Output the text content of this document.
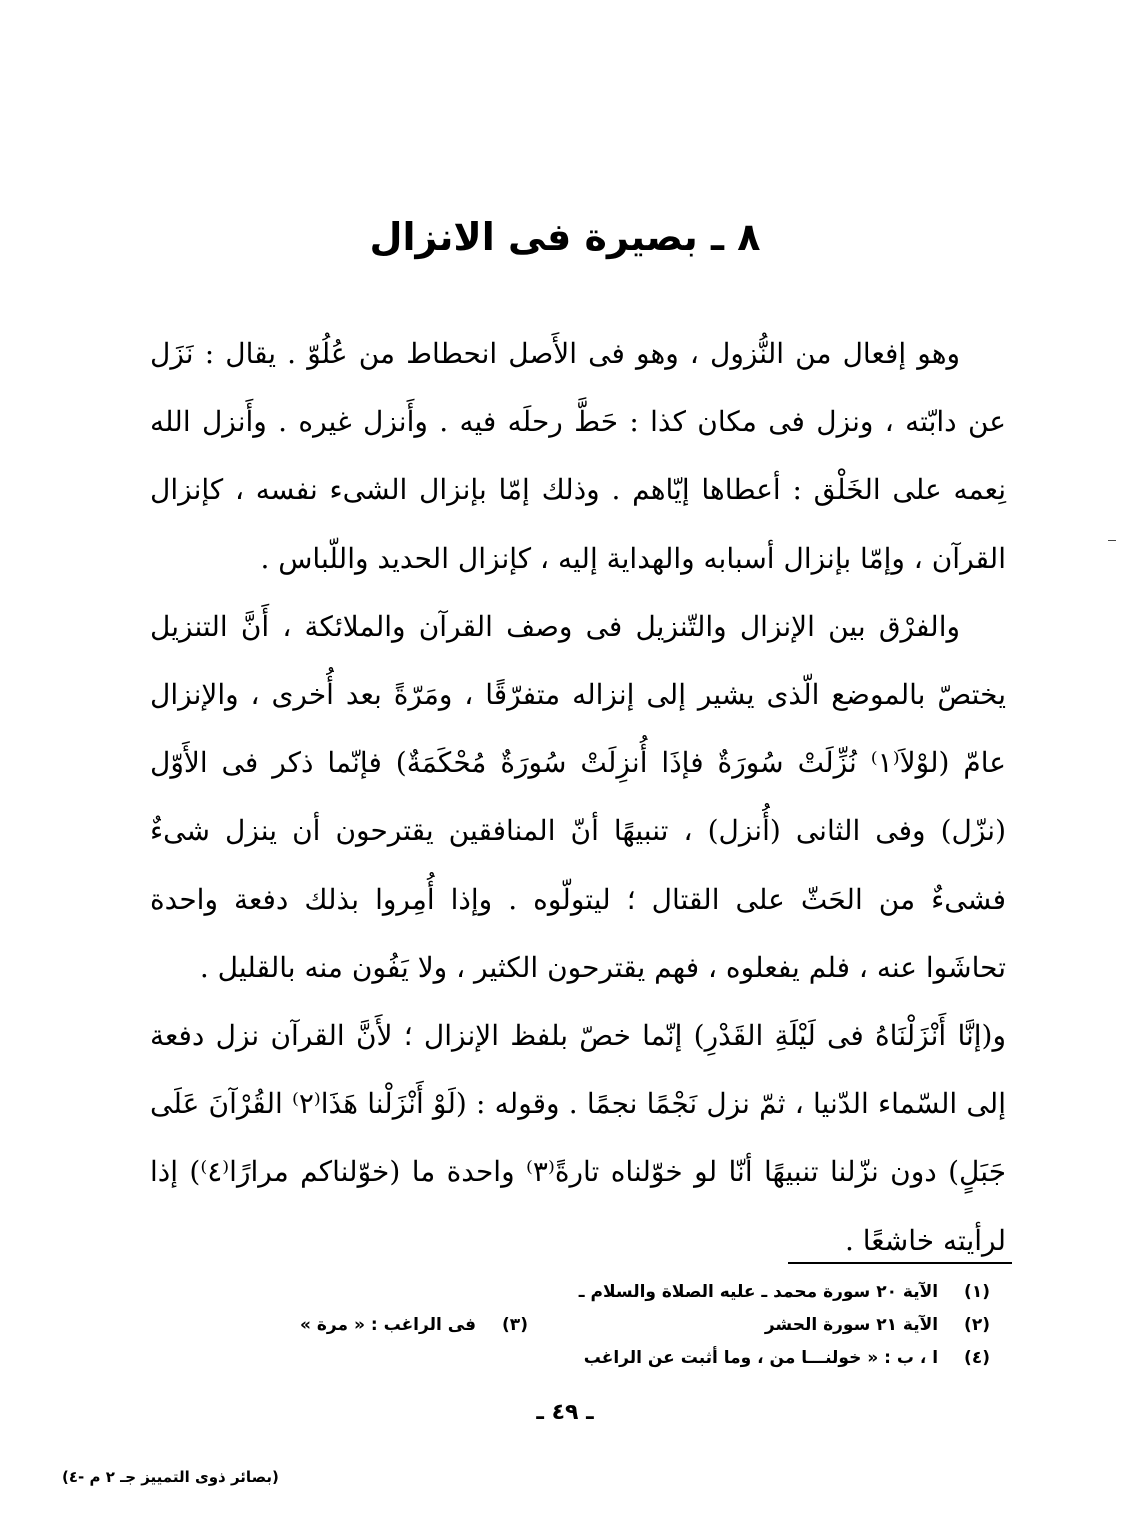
٨ ـ بصيرة فى الانزال

وهو إفعال من النُّزول ، وهو فى الأَصل انحطاط من عُلُوّ . يقال : نَزَل عن دابّته ، ونزل فى مكان كذا : حَطَّ رحلَه فيه . وأَنزل غيره . وأَنزل الله نِعمه على الخَلْق : أعطاها إيّاهم . وذلك إمّا بإنزال الشىء نفسه ، كإنزال القرآن ، وإمّا بإنزال أسبابه والهداية إليه ، كإنزال الحديد واللّباس .

والفرْق بين الإنزال والتّنزيل فى وصف القرآن والملائكة ، أَنَّ التنزيل يختصّ بالموضع الّذى يشير إلى إنزاله متفرّقًا ، ومَرّةً بعد أُخرى ، والإنزال عامّ (لوْلاَ⁽١⁾ نُزِّلَتْ سُورَةٌ فإذَا أُنزِلَتْ سُورَةٌ مُحْكَمَةٌ) فإنّما ذكر فى الأَوّل (نزّل) وفى الثانى (أُنزل) ، تنبيهًا أنّ المنافقين يقترحون أن ينزل شىءٌ فشىءٌ من الحَثّ على القتال ؛ ليتولّوه . وإذا أُمِروا بذلك دفعة واحدة تحاشَوا عنه ، فلم يفعلوه ، فهم يقترحون الكثير ، ولا يَفُون منه بالقليل .

و(إنَّا أَنْزَلْنَاهُ فى لَيْلَةِ القَدْرِ) إنّما خصّ بلفظ الإنزال ؛ لأَنَّ القرآن نزل دفعة إلى السّماء الدّنيا ، ثمّ نزل نَجْمًا نجمًا . وقوله : (لَوْ أَنْزَلْنا هَذَا⁽٢⁾ القُرْآنَ عَلَى جَبَلٍ) دون نزّلنا تنبيهًا أنّا لو خوّلناه تارةً⁽٣⁾ واحدة ما (خوّلناكم مرارًا⁽٤⁾) إذا لرأيته خاشعًا .

(١) الآية ٢٠ سورة محمد ـ عليه الصلاة والسلام ـ
(٢) الآية ٢١ سورة الحشر
(٣) فى الراغب : « مرة »
(٤) ا ، ب : « خولنـــا من ، وما أثبت عن الراغب
ـ ٤٩ ـ
(بصائر ذوى التمييز جـ ٢ م -٤)
